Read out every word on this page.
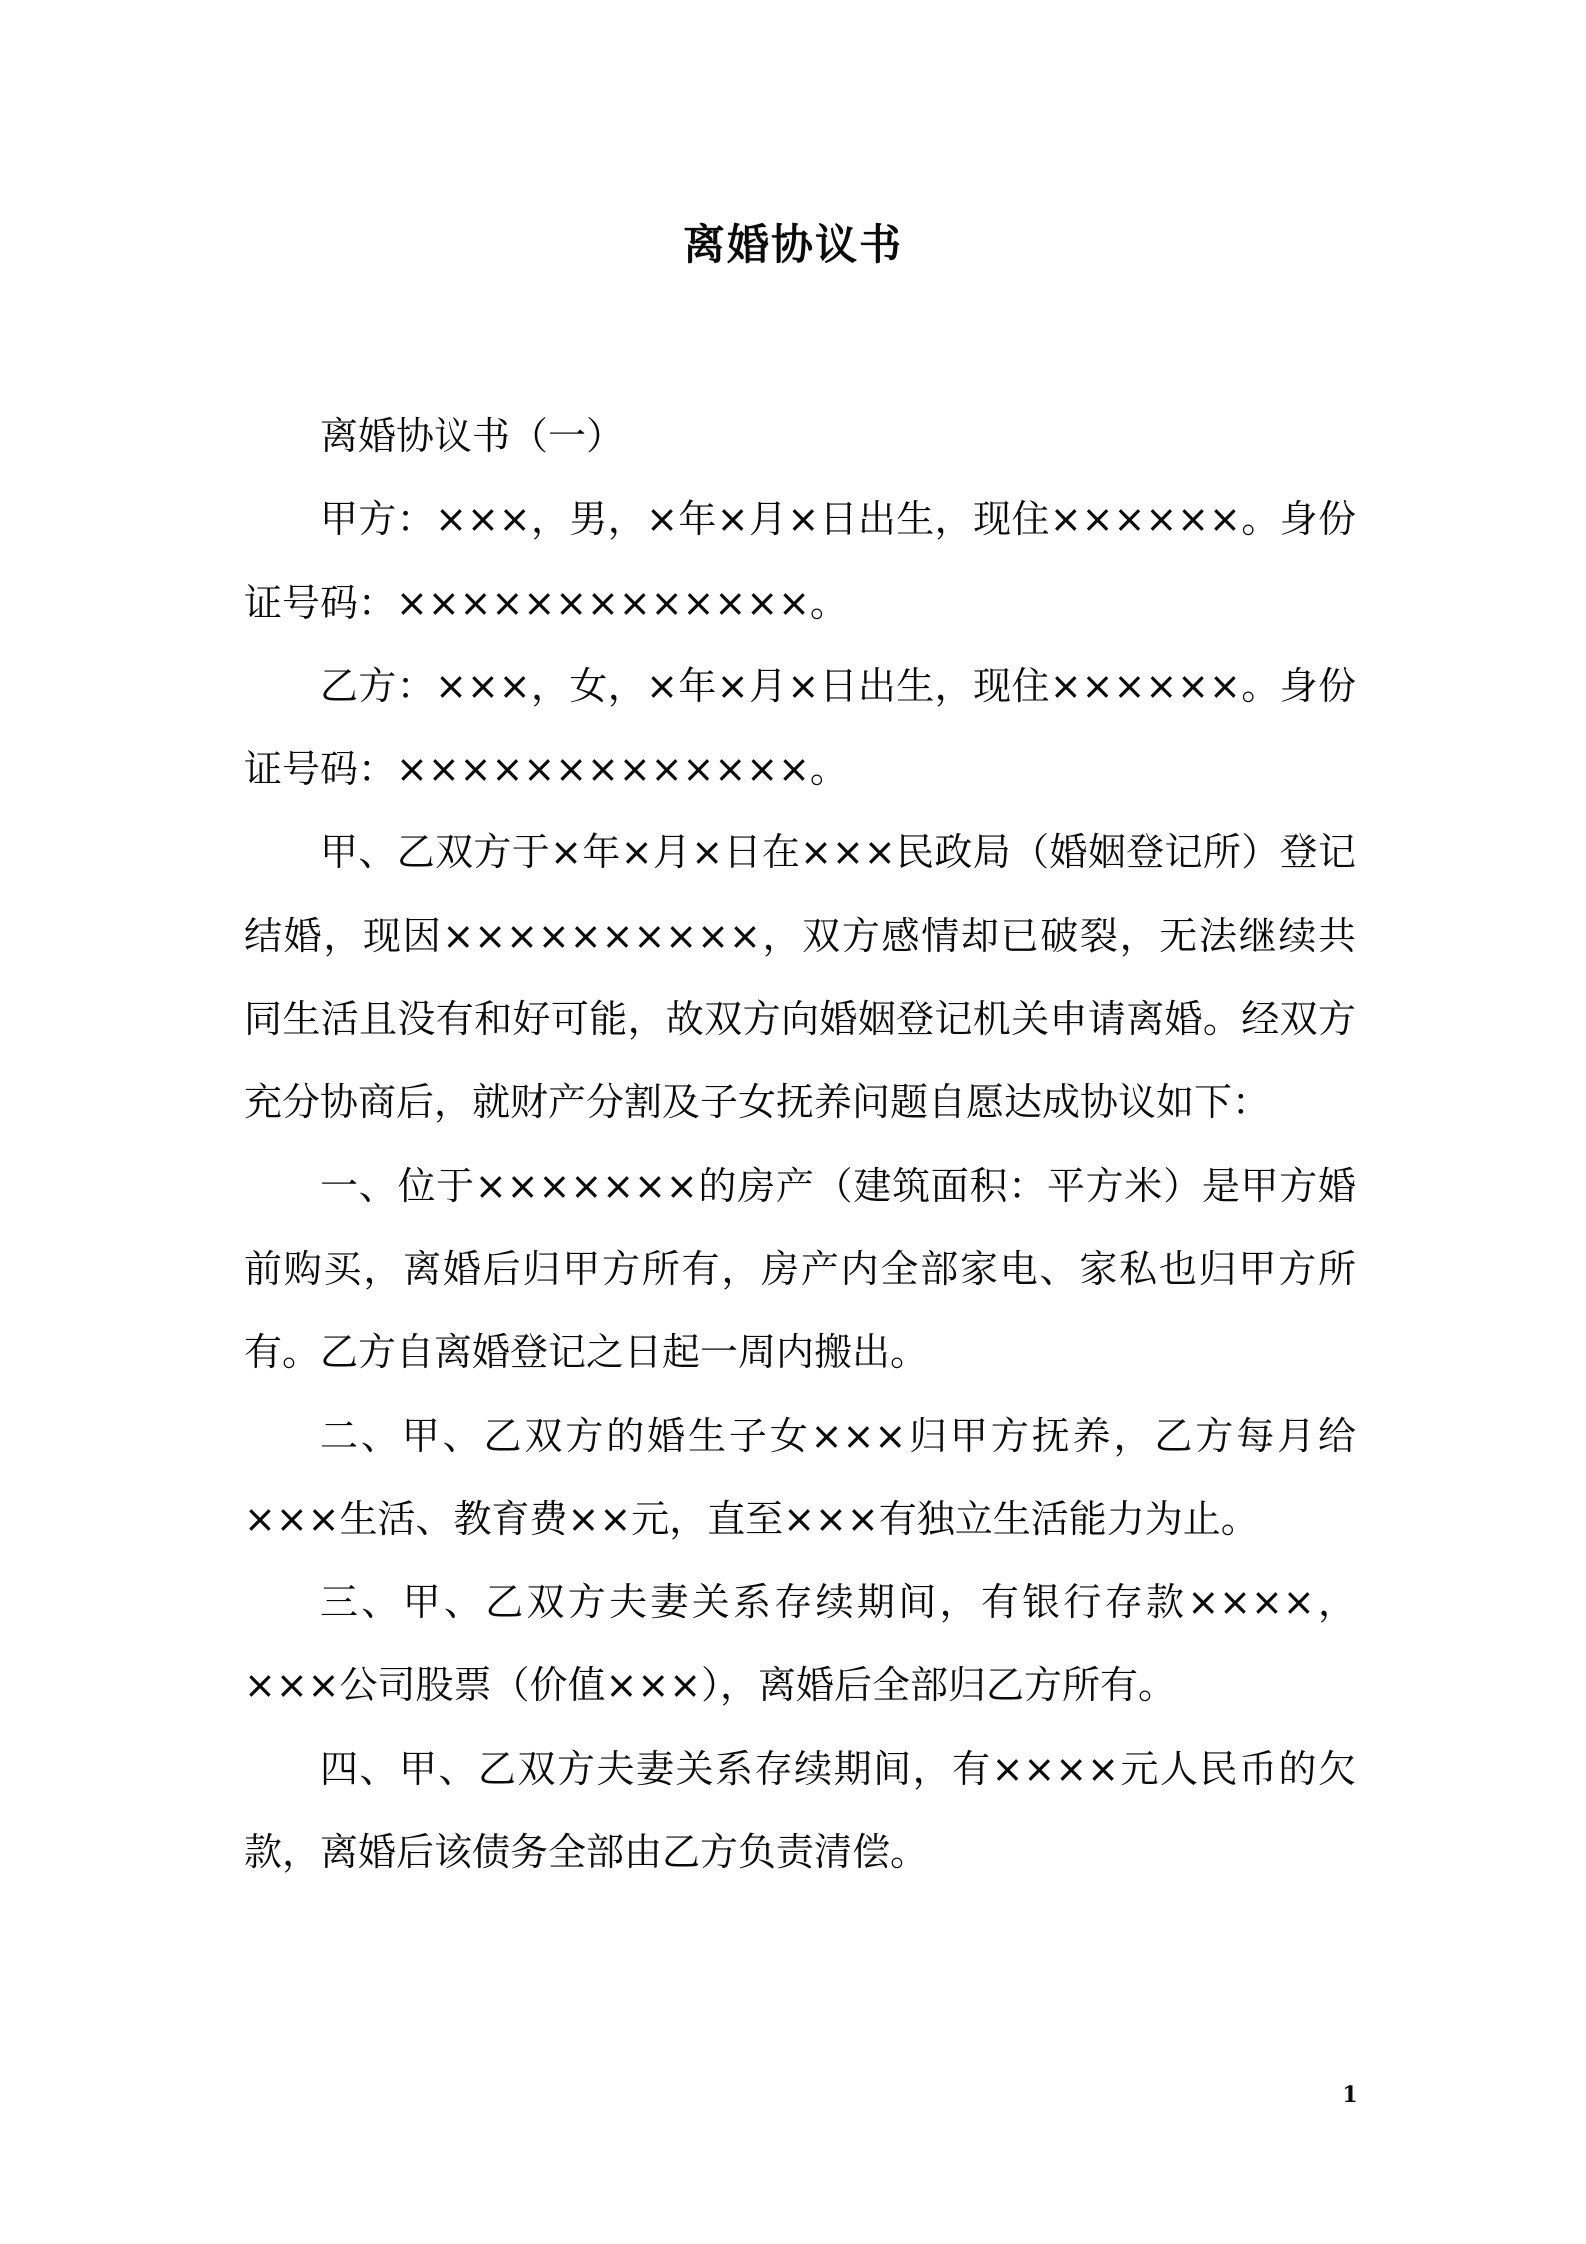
离婚协议书

离婚协议书（一）

甲方：×××，男，×年×月×日出生，现住××××××。身份证号码：×××××××××××××。

乙方：×××，女，×年×月×日出生，现住××××××。身份证号码：×××××××××××××。

甲、乙双方于×年×月×日在×××民政局（婚姻登记所）登记结婚，现因××××××××××，双方感情却已破裂，无法继续共同生活且没有和好可能，故双方向婚姻登记机关申请离婚。经双方充分协商后，就财产分割及子女抚养问题自愿达成协议如下：

一、位于×××××××的房产（建筑面积：平方米）是甲方婚前购买，离婚后归甲方所有，房产内全部家电、家私也归甲方所有。乙方自离婚登记之日起一周内搬出。

二、甲、乙双方的婚生子女×××归甲方抚养，乙方每月给×××生活、教育费××元，直至×××有独立生活能力为止。

三、甲、乙双方夫妻关系存续期间，有银行存款××××，×××公司股票（价值×××），离婚后全部归乙方所有。

四、甲、乙双方夫妻关系存续期间，有××××元人民币的欠款，离婚后该债务全部由乙方负责清偿。

1
